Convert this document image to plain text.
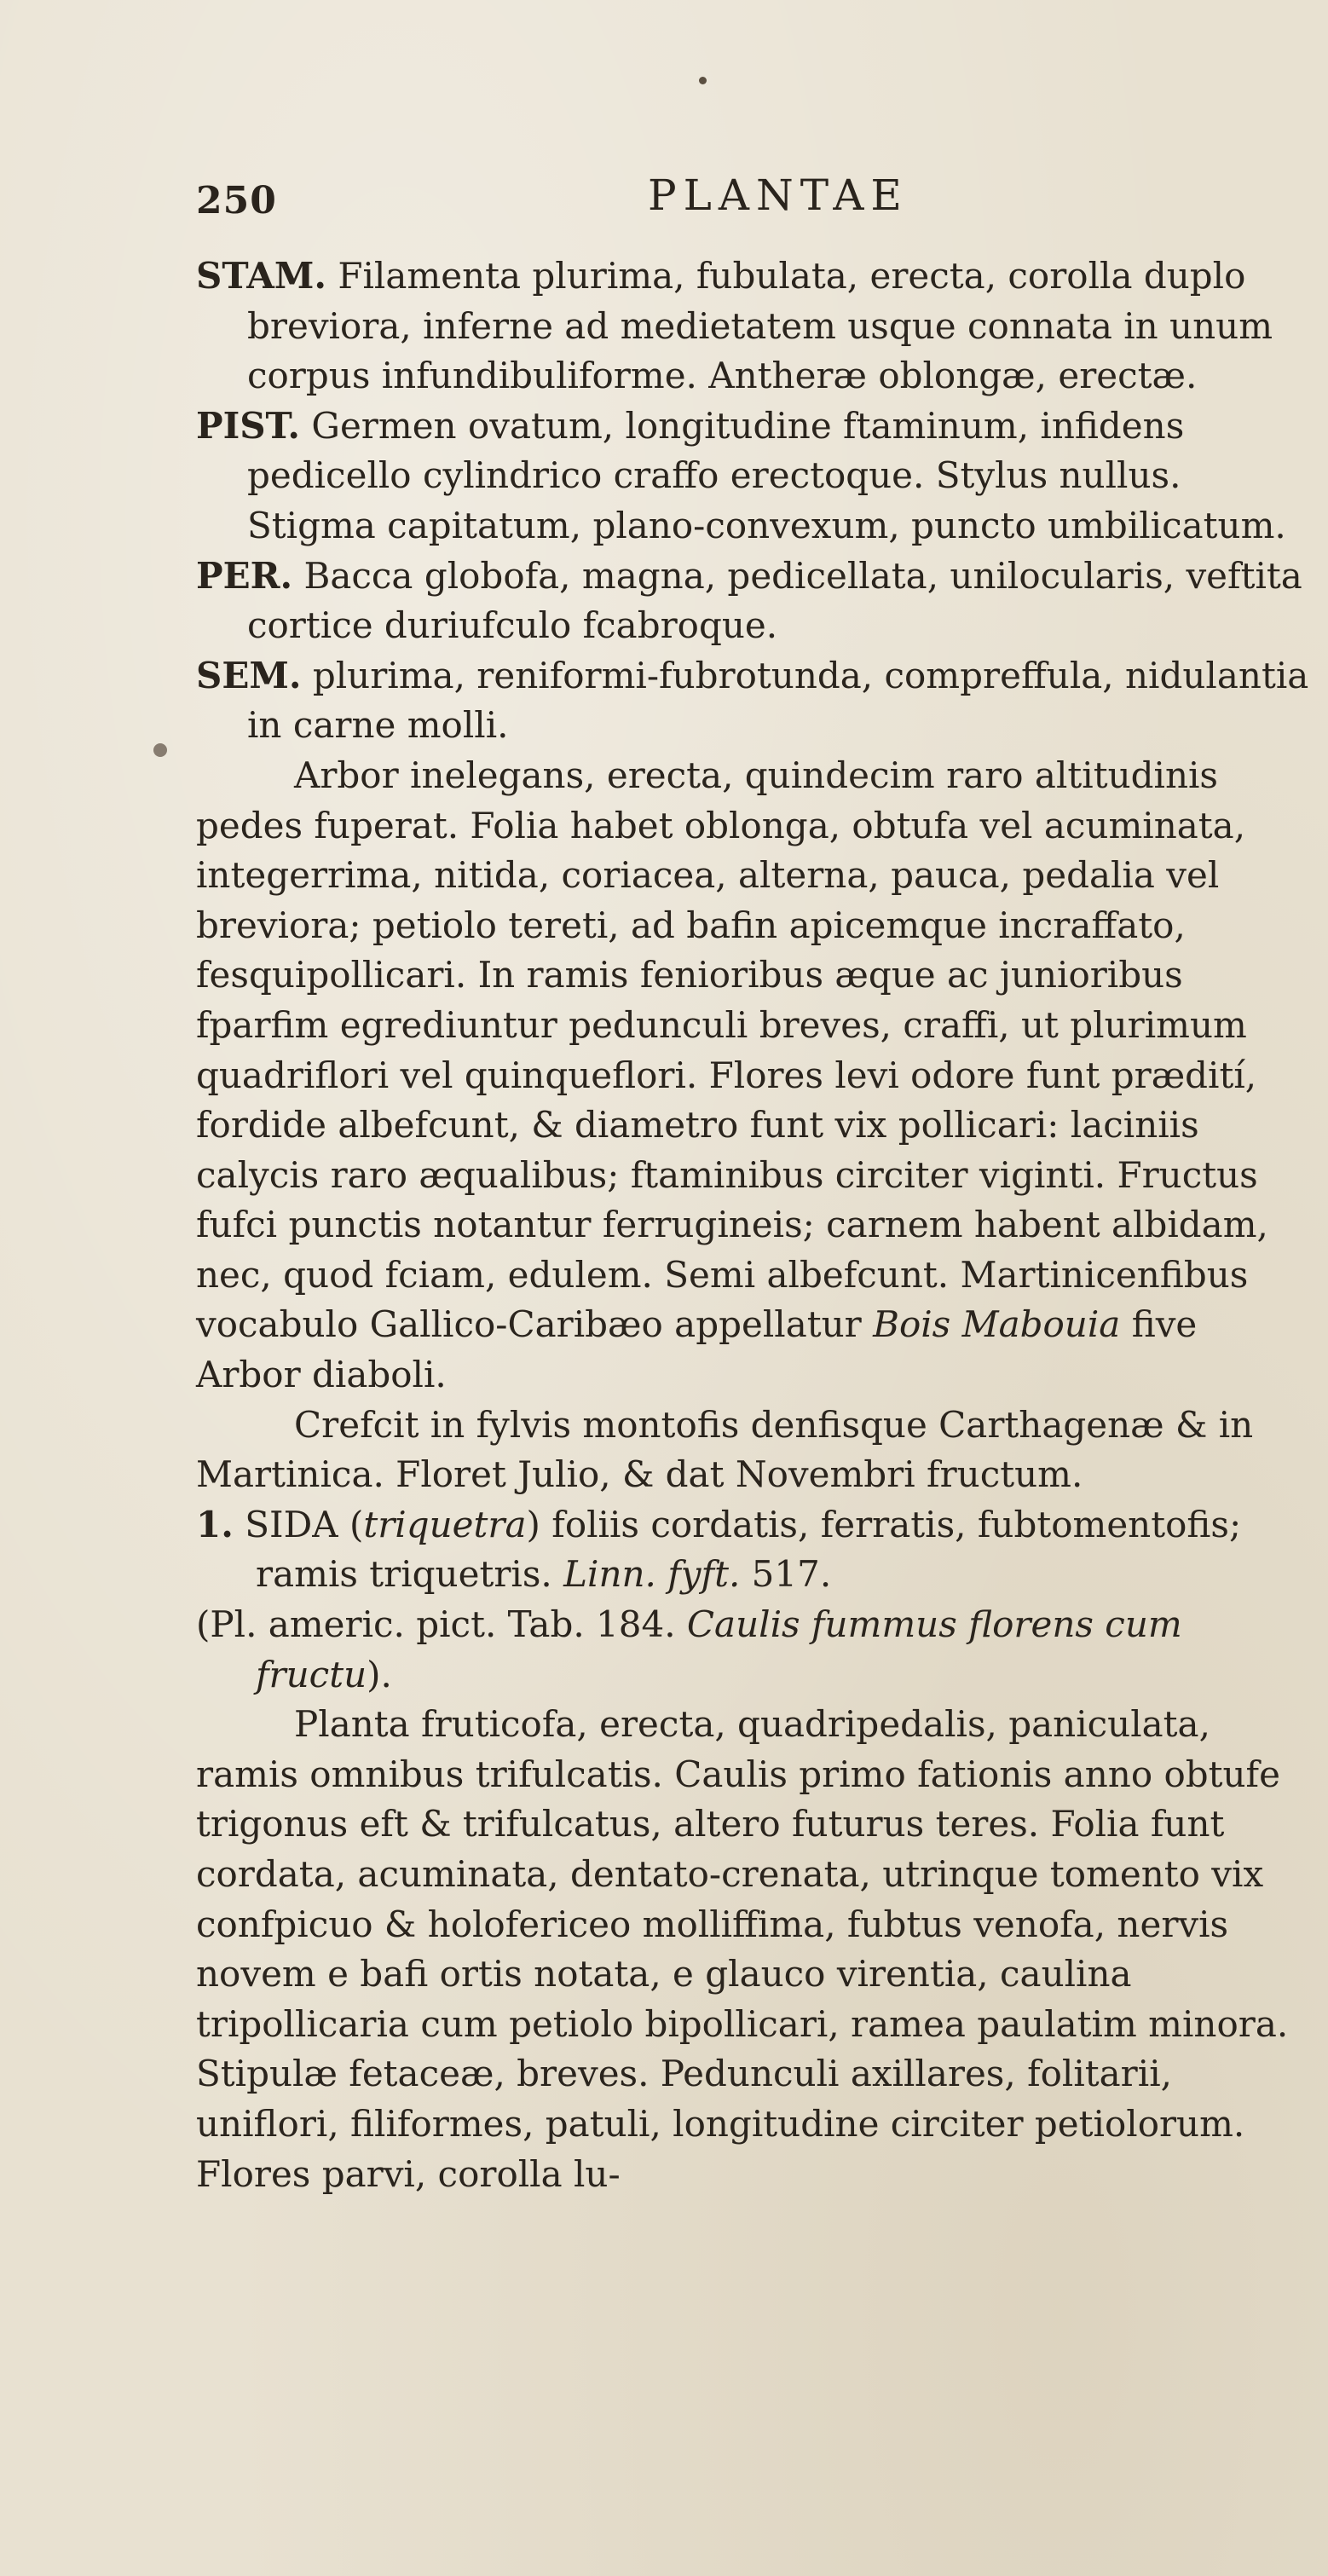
250	PLANTAE

STAM. Filamenta plurima, fubulata, erecta, corolla duplo breviora, inferne ad medietatem usque connata in unum corpus infundibuliforme. Antheræ oblongæ, erectæ.

PIST. Germen ovatum, longitudine ftaminum, infidens pedicello cylindrico craffo erectoque. Stylus nullus. Stigma capitatum, plano-convexum, puncto umbilicatum.

PER. Bacca globofa, magna, pedicellata, unilocularis, veftita cortice duriufculo fcabroque.

SEM. plurima, reniformi-fubrotunda, compreffula, nidulantia in carne molli.

Arbor inelegans, erecta, quindecim raro altitudinis pedes fuperat. Folia habet oblonga, obtufa vel acuminata, integerrima, nitida, coriacea, alterna, pauca, pedalia vel breviora; petiolo tereti, ad bafin apicemque incraffato, fesquipollicari. In ramis fenioribus æque ac junioribus fparfim egrediuntur pedunculi breves, craffi, ut plurimum quadriflori vel quinqueflori. Flores levi odore funt prædití, fordide albefcunt, & diametro funt vix pollicari: laciniis calycis raro æqualibus; ftaminibus circiter viginti. Fructus fufci punctis notantur ferrugineis; carnem habent albidam, nec, quod fciam, edulem. Semi albefcunt. Martinicenfibus vocabulo Gallico-Caribæo appellatur Bois Mabouia five Arbor diaboli.

Crefcit in fylvis montofis denfisque Carthagenæ & in Martinica. Floret Julio, & dat Novembri fructum.

1. SIDA (triquetra) foliis cordatis, ferratis, fubtomentofis; ramis triquetris. Linn. fyft. 517.

(Pl. americ. pict. Tab. 184. Caulis fummus florens cum fructu).

Planta fruticofa, erecta, quadripedalis, paniculata, ramis omnibus trifulcatis. Caulis primo fationis anno obtufe trigonus eft & trifulcatus, altero futurus teres. Folia funt cordata, acuminata, dentato-crenata, utrinque tomento vix confpicuo & holofericeo molliffima, fubtus venofa, nervis novem e bafi ortis notata, e glauco virentia, caulina tripollicaria cum petiolo bipollicari, ramea paulatim minora. Stipulæ fetaceæ, breves. Pedunculi axillares, folitarii, uniflori, filiformes, patuli, longitudine circiter petiolorum. Flores parvi, corolla lu-
